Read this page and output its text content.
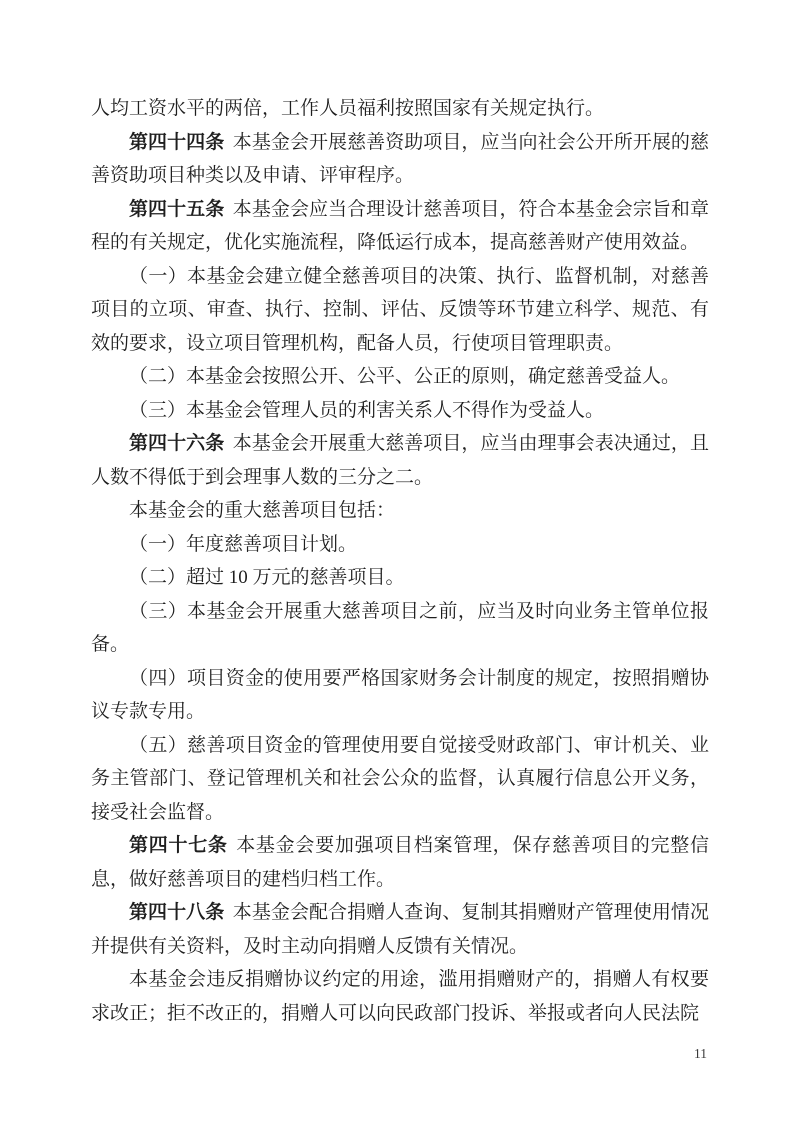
人均工资水平的两倍，工作人员福利按照国家有关规定执行。

第四十四条 本基金会开展慈善资助项目，应当向社会公开所开展的慈善资助项目种类以及申请、评审程序。

第四十五条 本基金会应当合理设计慈善项目，符合本基金会宗旨和章程的有关规定，优化实施流程，降低运行成本，提高慈善财产使用效益。

（一）本基金会建立健全慈善项目的决策、执行、监督机制，对慈善项目的立项、审查、执行、控制、评估、反馈等环节建立科学、规范、有效的要求，设立项目管理机构，配备人员，行使项目管理职责。

（二）本基金会按照公开、公平、公正的原则，确定慈善受益人。

（三）本基金会管理人员的利害关系人不得作为受益人。

第四十六条 本基金会开展重大慈善项目，应当由理事会表决通过，且人数不得低于到会理事人数的三分之二。

本基金会的重大慈善项目包括：

（一）年度慈善项目计划。

（二）超过 10 万元的慈善项目。

（三）本基金会开展重大慈善项目之前，应当及时向业务主管单位报备。

（四）项目资金的使用要严格国家财务会计制度的规定，按照捐赠协议专款专用。

（五）慈善项目资金的管理使用要自觉接受财政部门、审计机关、业务主管部门、登记管理机关和社会公众的监督，认真履行信息公开义务，接受社会监督。

第四十七条 本基金会要加强项目档案管理，保存慈善项目的完整信息，做好慈善项目的建档归档工作。

第四十八条 本基金会配合捐赠人查询、复制其捐赠财产管理使用情况并提供有关资料，及时主动向捐赠人反馈有关情况。

本基金会违反捐赠协议约定的用途，滥用捐赠财产的，捐赠人有权要求改正；拒不改正的，捐赠人可以向民政部门投诉、举报或者向人民法院

11
